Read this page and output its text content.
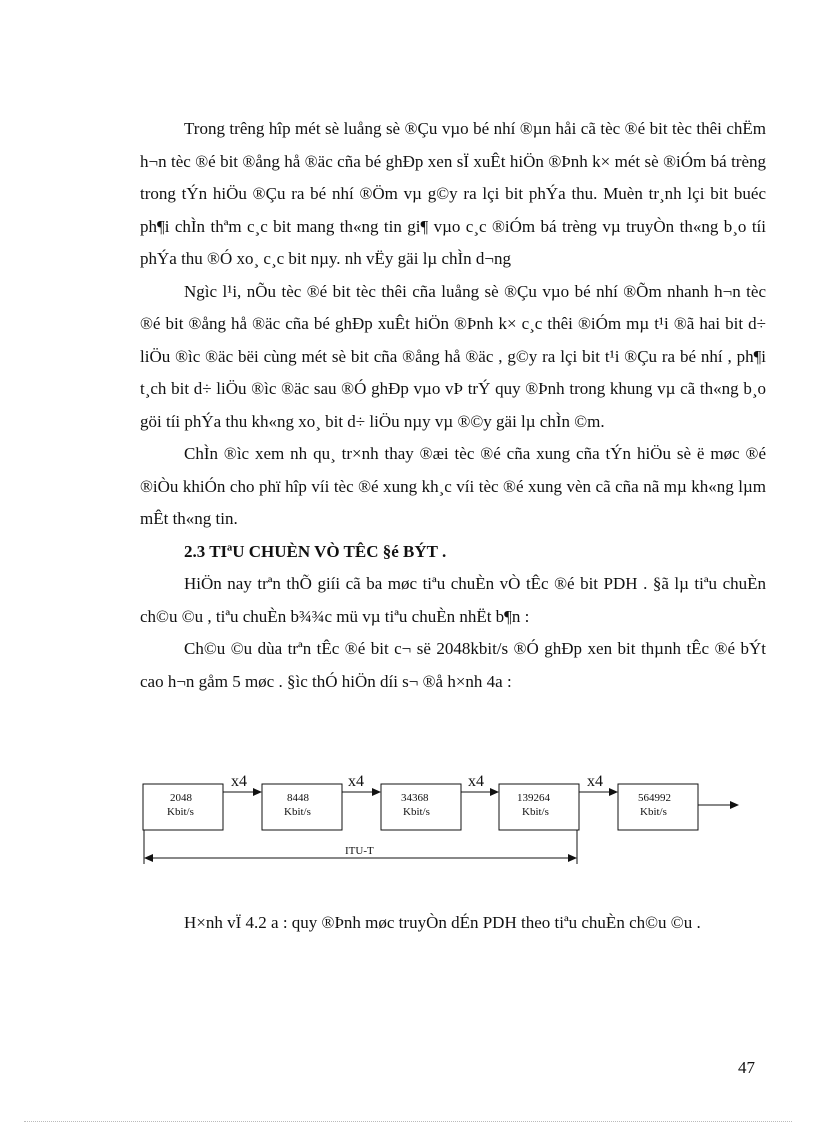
Trong trêng hîp mét sè luång sè ®Çu vµo bé nhí ®µn håi cã tèc ®é bit tèc thêi chËm h¬n tèc ®é bit ®ång hå ®äc cña bé ghÐp xen sÏ xuÊt hiÖn ®Þnh k× mét sè ®iÓm bá trèng trong tÝn hiÖu ®Çu ra bé nhí ®Öm vµ g©y ra lçi bit phÝa thu. Muèn tr¸nh lçi bit buéc ph¶i chÌn thªm c¸c bit mang th«ng tin gi¶ vµo c¸c ®iÓm bá trèng vµ truyÒn th«ng b¸o tíi phÝa thu ®Ó xo¸ c¸c bit nµy. nh vËy gäi lµ chÌn d¬ng

Ngìc l¹i, nÕu tèc ®é bit tèc thêi cña luång sè ®Çu vµo bé nhí ®Õm nhanh h¬n tèc ®é bit ®ång hå ®äc cña bé ghÐp xuÊt hiÖn ®Þnh k× c¸c thêi ®iÓm mµ t¹i ®ã hai bit d÷ liÖu ®ìc ®äc bëi cùng mét sè bit cña ®ång hå ®äc , g©y ra lçi bit t¹i ®Çu ra bé nhí , ph¶i t¸ch bit d÷ liÖu ®ìc ®äc sau ®Ó ghÐp vµo vÞ trÝ quy ®Þnh trong khung vµ cã th«ng b¸o göi tíi phÝa thu kh«ng xo¸ bit d÷ liÖu nµy vµ ®©y gäi lµ chÌn ©m.

ChÌn ®ìc xem nh qu¸ tr×nh thay ®æi tèc ®é cña xung cña tÝn hiÖu sè ë møc ®é ®iÒu khiÓn cho phï hîp víi tèc ®é xung kh¸c víi tèc ®é xung vèn cã cña nã mµ kh«ng lµm mÊt th«ng tin.

2.3 TIªU CHUÈN VÒ TÊC §é BÝT .

HiÖn nay trªn thÕ giíi cã ba møc tiªu chuÈn vÒ tÊc ®é bit PDH . §ã lµ tiªu chuÈn ch©u ©u , tiªu chuÈn b¾¾c mü vµ tiªu chuÈn nhËt b¶n :

Ch©u ©u dùa trªn tÊc ®é bit c¬ së 2048kbit/s ®Ó ghÐp xen bit thµnh tÊc ®é bÝt cao h¬n gåm 5 møc . §ìc thÓ hiÖn díi s¬ ®å h×nh 4a :

2048
Kbit/s
8448
Kbit/s
34368
Kbit/s
139264
Kbit/s
564992
Kbit/s
x4	x4	x4	x4
ITU-T

H×nh vÏ 4.2 a : quy ®Þnh møc truyÒn dÉn PDH theo tiªu chuÈn ch©u ©u .

47
